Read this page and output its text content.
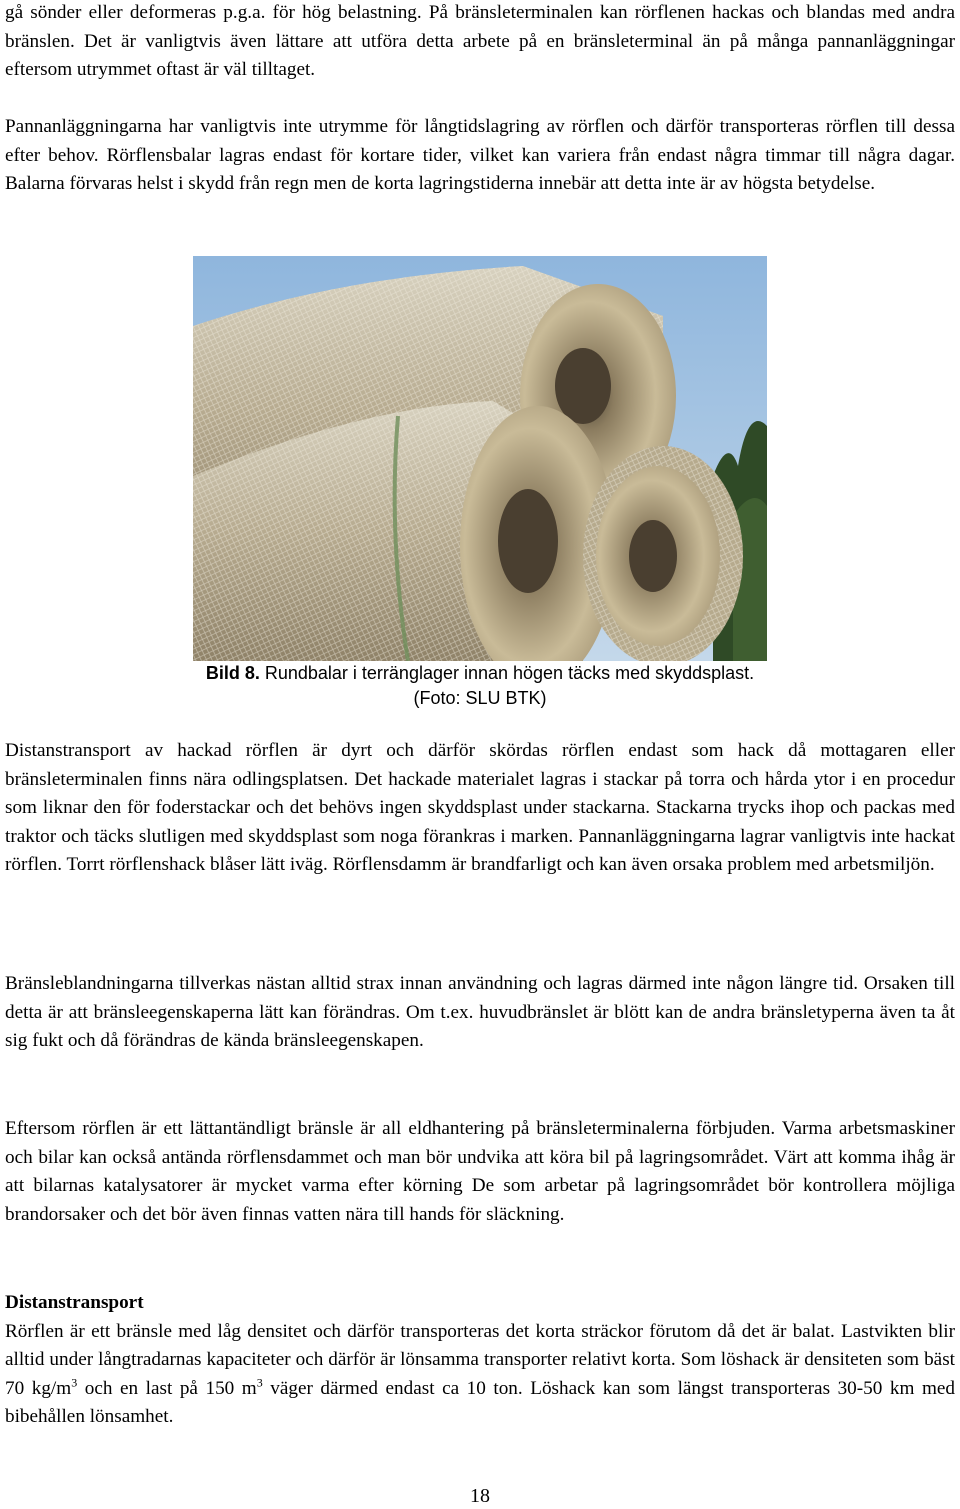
gå sönder eller deformeras p.g.a. för hög belastning. På bränsleterminalen kan rörflenen hackas och blandas med andra bränslen. Det är vanligtvis även lättare att utföra detta arbete på en bränsleterminal än på många pannanläggningar eftersom utrymmet oftast är väl tilltaget.

Pannanläggningarna har vanligtvis inte utrymme för långtidslagring av rörflen och därför transporteras rörflen till dessa efter behov. Rörflensbalar lagras endast för kortare tider, vilket kan variera från endast några timmar till några dagar. Balarna förvaras helst i skydd från regn men de korta lagringstiderna innebär att detta inte är av högsta betydelse.

Bild 8. Rundbalar i terränglager innan högen täcks med skyddsplast.
(Foto: SLU BTK)

Distanstransport av hackad rörflen är dyrt och därför skördas rörflen endast som hack då mottagaren eller bränsleterminalen finns nära odlingsplatsen. Det hackade materialet lagras i stackar på torra och hårda ytor i en procedur som liknar den för foderstackar och det behövs ingen skyddsplast under stackarna. Stackarna trycks ihop och packas med traktor och täcks slutligen med skyddsplast som noga förankras i marken. Pannanläggningarna lagrar vanligtvis inte hackat rörflen. Torrt rörflenshack blåser lätt iväg. Rörflensdamm är brandfarligt och kan även orsaka problem med arbetsmiljön.

Bränsleblandningarna tillverkas nästan alltid strax innan användning och lagras därmed inte någon längre tid. Orsaken till detta är att bränsleegenskaperna lätt kan förändras. Om t.ex. huvudbränslet är blött kan de andra bränsletyperna även ta åt sig fukt och då förändras de kända bränsleegenskapen.

Eftersom rörflen är ett lättantändligt bränsle är all eldhantering på bränsleterminalerna förbjuden. Varma arbetsmaskiner och bilar kan också antända rörflensdammet och man bör undvika att köra bil på lagringsområdet. Värt att komma ihåg är att bilarnas katalysatorer är mycket varma efter körning De som arbetar på lagringsområdet bör kontrollera möjliga brandorsaker och det bör även finnas vatten nära till hands för släckning.

Distanstransport
Rörflen är ett bränsle med låg densitet och därför transporteras det korta sträckor förutom då det är balat. Lastvikten blir alltid under långtradarnas kapaciteter och därför är lönsamma transporter relativt korta. Som löshack är densiteten som bäst 70 $kg/m^3$ och en last på 150 $m^3$ väger därmed endast ca 10 ton. Löshack kan som längst transporteras 30-50 km med bibehållen lönsamhet.
18
